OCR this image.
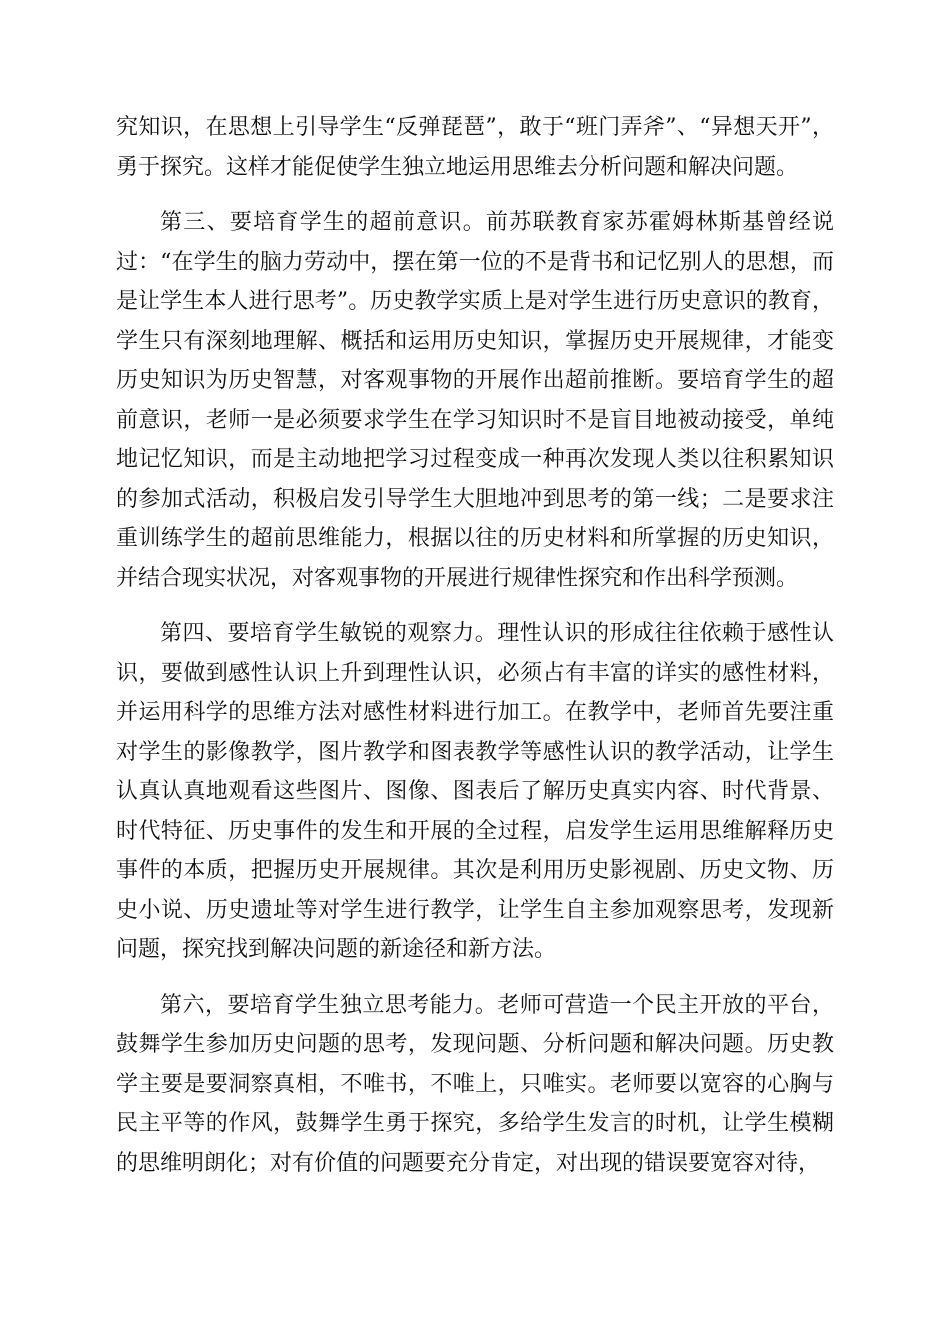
究知识，在思想上引导学生“反弹琵琶”，敢于“班门弄斧”、“异想天开”，勇于探究。这样才能促使学生独立地运用思维去分析问题和解决问题。

第三、要培育学生的超前意识。前苏联教育家苏霍姆林斯基曾经说过：“在学生的脑力劳动中，摆在第一位的不是背书和记忆别人的思想，而是让学生本人进行思考”。历史教学实质上是对学生进行历史意识的教育，学生只有深刻地理解、概括和运用历史知识，掌握历史开展规律，才能变历史知识为历史智慧，对客观事物的开展作出超前推断。要培育学生的超前意识，老师一是必须要求学生在学习知识时不是盲目地被动接受，单纯地记忆知识，而是主动地把学习过程变成一种再次发现人类以往积累知识的参加式活动，积极启发引导学生大胆地冲到思考的第一线；二是要求注重训练学生的超前思维能力，根据以往的历史材料和所掌握的历史知识，并结合现实状况，对客观事物的开展进行规律性探究和作出科学预测。

第四、要培育学生敏锐的观察力。理性认识的形成往往依赖于感性认识，要做到感性认识上升到理性认识，必须占有丰富的详实的感性材料，并运用科学的思维方法对感性材料进行加工。在教学中，老师首先要注重对学生的影像教学，图片教学和图表教学等感性认识的教学活动，让学生认真认真地观看这些图片、图像、图表后了解历史真实内容、时代背景、时代特征、历史事件的发生和开展的全过程，启发学生运用思维解释历史事件的本质，把握历史开展规律。其次是利用历史影视剧、历史文物、历史小说、历史遗址等对学生进行教学，让学生自主参加观察思考，发现新问题，探究找到解决问题的新途径和新方法。

第六，要培育学生独立思考能力。老师可营造一个民主开放的平台，鼓舞学生参加历史问题的思考，发现问题、分析问题和解决问题。历史教学主要是要洞察真相，不唯书，不唯上，只唯实。老师要以宽容的心胸与民主平等的作风，鼓舞学生勇于探究，多给学生发言的时机，让学生模糊的思维明朗化；对有价值的问题要充分肯定，对出现的错误要宽容对待，
